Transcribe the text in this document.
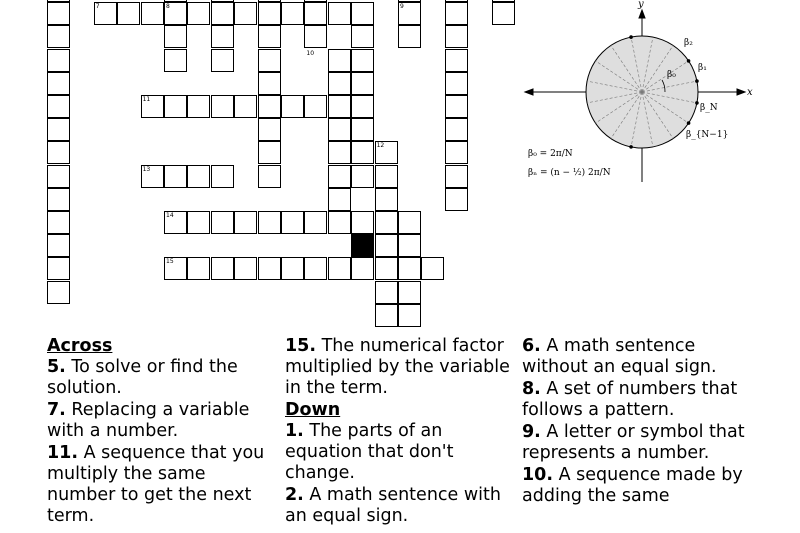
7	8	9
10
11
12
13
14
15
y
x
β₂
β₁
β₀
β_N
β_{N−1}
β₀ = 2π/N
βₙ = (n − ½) 2π/N
Across
5. To solve or find the solution.
7. Replacing a variable with a number.
11. A sequence that you multiply the same number to get the next term.
15. The numerical factor multiplied by the variable in the term.
Down
1. The parts of an equation that don't change.
2. A math sentence with an equal sign.
6. A math sentence without an equal sign.
8. A set of numbers that follows a pattern.
9. A letter or symbol that represents a number.
10. A sequence made by adding the same
